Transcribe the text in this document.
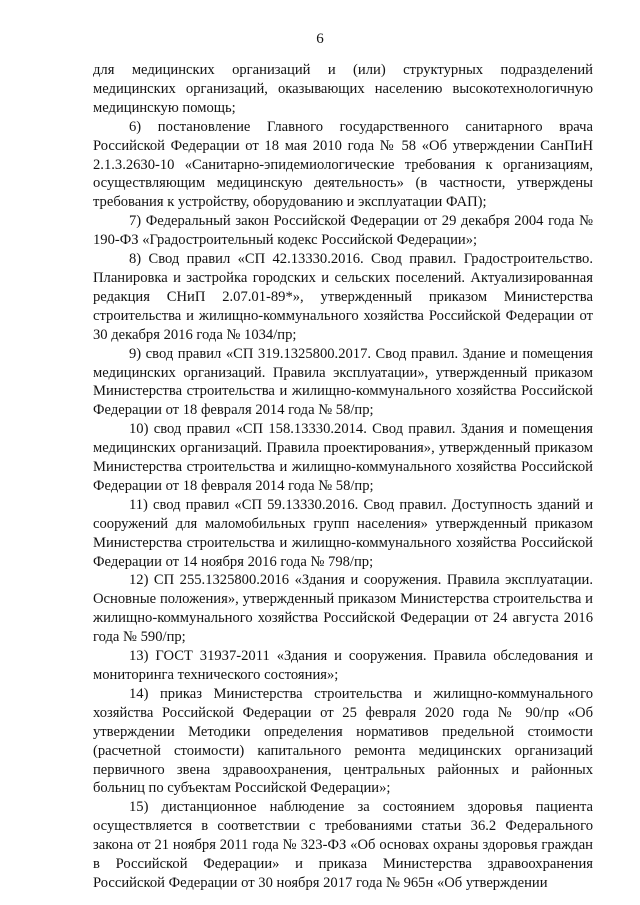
6

для медицинских организаций и (или) структурных подразделений медицинских организаций, оказывающих населению высокотехнологичную медицинскую помощь;

6) постановление Главного государственного санитарного врача Российской Федерации от 18 мая 2010 года № 58 «Об утверждении СанПиН 2.1.3.2630-10 «Санитарно-эпидемиологические требования к организациям, осуществляющим медицинскую деятельность» (в частности, утверждены требования к устройству, оборудованию и эксплуатации ФАП);

7) Федеральный закон Российской Федерации от 29 декабря 2004 года № 190-ФЗ «Градостроительный кодекс Российской Федерации»;

8) Свод правил «СП 42.13330.2016. Свод правил. Градостроительство. Планировка и застройка городских и сельских поселений. Актуализированная редакция СНиП 2.07.01-89*», утвержденный приказом Министерства строительства и жилищно-коммунального хозяйства Российской Федерации от 30 декабря 2016 года № 1034/пр;

9) свод правил «СП 319.1325800.2017. Свод правил. Здание и помещения медицинских организаций. Правила эксплуатации», утвержденный приказом Министерства строительства и жилищно-коммунального хозяйства Российской Федерации от 18 февраля 2014 года № 58/пр;

10) свод правил «СП 158.13330.2014. Свод правил. Здания и помещения медицинских организаций. Правила проектирования», утвержденный приказом Министерства строительства и жилищно-коммунального хозяйства Российской Федерации от 18 февраля 2014 года № 58/пр;

11) свод правил «СП 59.13330.2016. Свод правил. Доступность зданий и сооружений для маломобильных групп населения» утвержденный приказом Министерства строительства и жилищно-коммунального хозяйства Российской Федерации от 14 ноября 2016 года № 798/пр;

12) СП 255.1325800.2016 «Здания и сооружения. Правила эксплуатации. Основные положения», утвержденный приказом Министерства строительства и жилищно-коммунального хозяйства Российской Федерации от 24 августа 2016 года № 590/пр;

13) ГОСТ 31937-2011 «Здания и сооружения. Правила обследования и мониторинга технического состояния»;

14) приказ Министерства строительства и жилищно-коммунального хозяйства Российской Федерации от 25 февраля 2020 года № 90/пр «Об утверждении Методики определения нормативов предельной стоимости (расчетной стоимости) капитального ремонта медицинских организаций первичного звена здравоохранения, центральных районных и районных больниц по субъектам Российской Федерации»;

15) дистанционное наблюдение за состоянием здоровья пациента осуществляется в соответствии с требованиями статьи 36.2 Федерального закона от 21 ноября 2011 года № 323-ФЗ «Об основах охраны здоровья граждан в Российской Федерации» и приказа Министерства здравоохранения Российской Федерации от 30 ноября 2017 года № 965н «Об утверждении
